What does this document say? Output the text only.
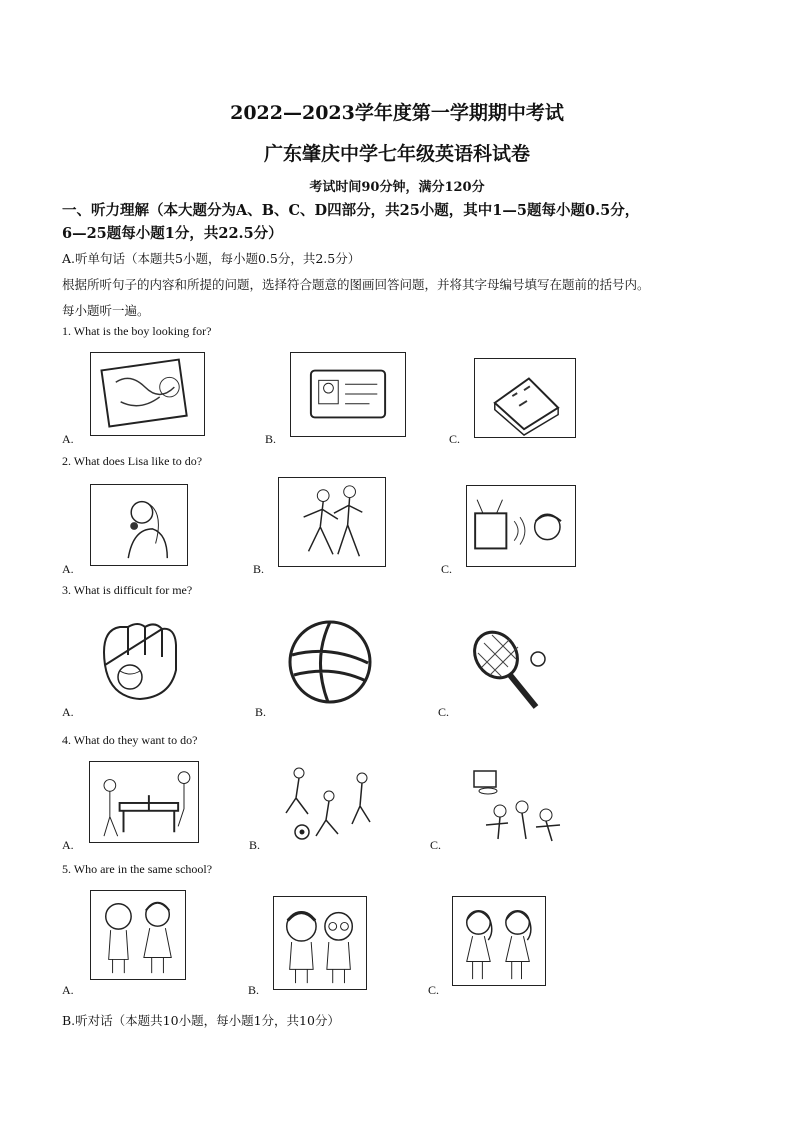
2022—2023学年度第一学期期中考试
广东肇庆中学七年级英语科试卷
考试时间90分钟，满分120分
一、听力理解（本大题分为A、B、C、D四部分，共25小题，其中1—5题每小题0.5分，
6—25题每小题1分，共22.5分）
A.听单句话（本题共5小题，每小题0.5分，共2.5分）
根据所听句子的内容和所提的问题，选择符合题意的图画回答问题，并将其字母编号填写在题前的括号内。
每小题听一遍。
1. What is the boy looking for?
A.	B.	C.
2. What does Lisa like to do?
A.	B.	C.
3. What is difficult for me?
A.	B.	C.
4. What do they want to do?
A.	B.	C.
5. Who are in the same school?
A.	B.	C.
B.听对话（本题共10小题，每小题1分，共10分）
